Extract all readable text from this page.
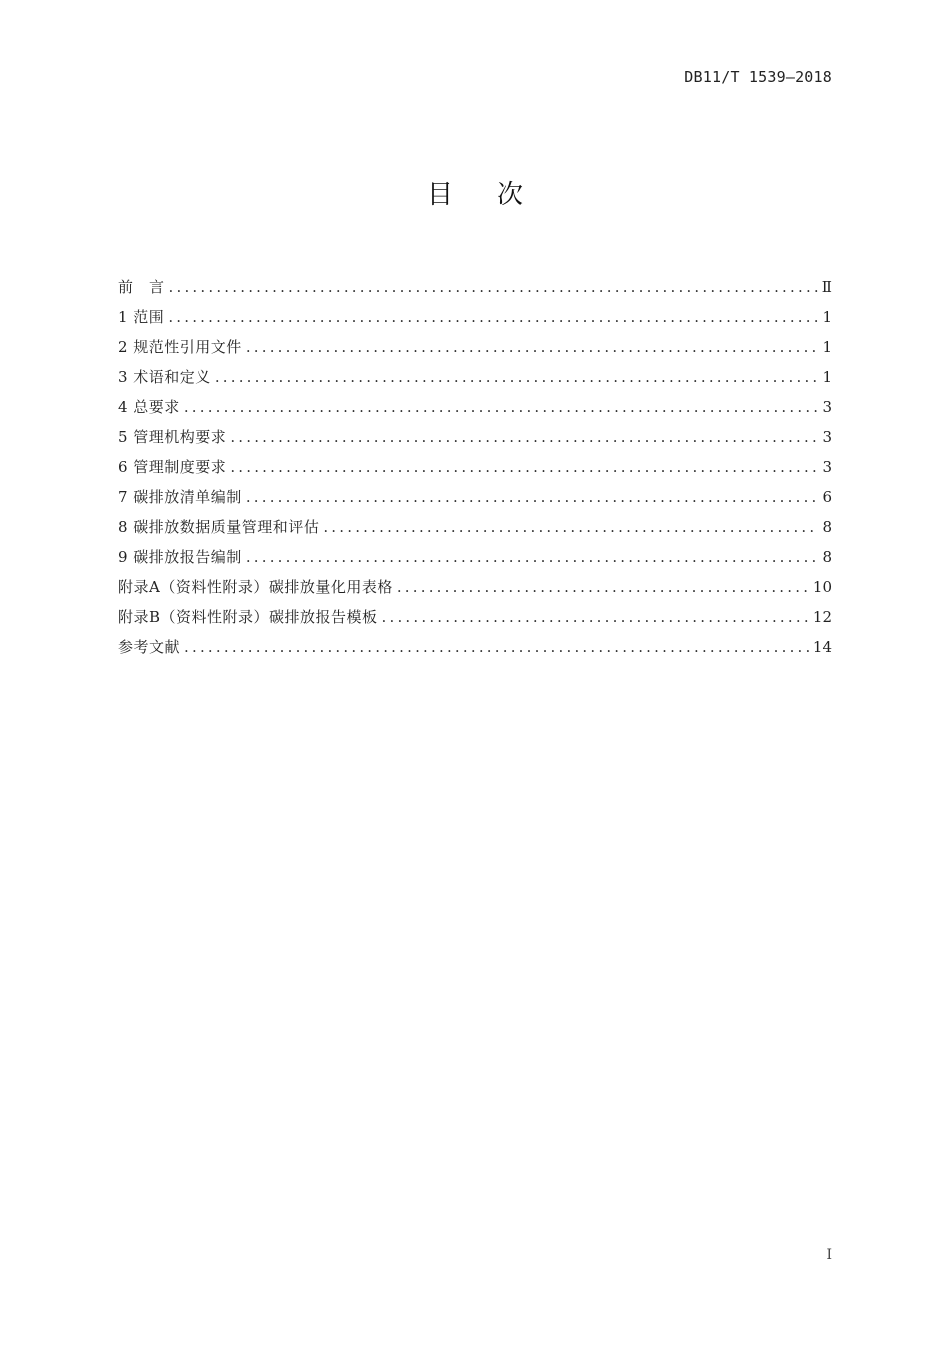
DB11/T 1539—2018
目次
前　言 .....	Ⅱ
1 范围 .....	1
2 规范性引用文件 .....	1
3 术语和定义 .....	1
4 总要求 .....	3
5 管理机构要求 .....	3
6 管理制度要求 .....	3
7 碳排放清单编制 .....	6
8 碳排放数据质量管理和评估 .....	8
9 碳排放报告编制 .....	8
附录A（资料性附录）碳排放量化用表格 .....	10
附录B（资料性附录）碳排放报告模板 .....	12
参考文献 .....	14
I
